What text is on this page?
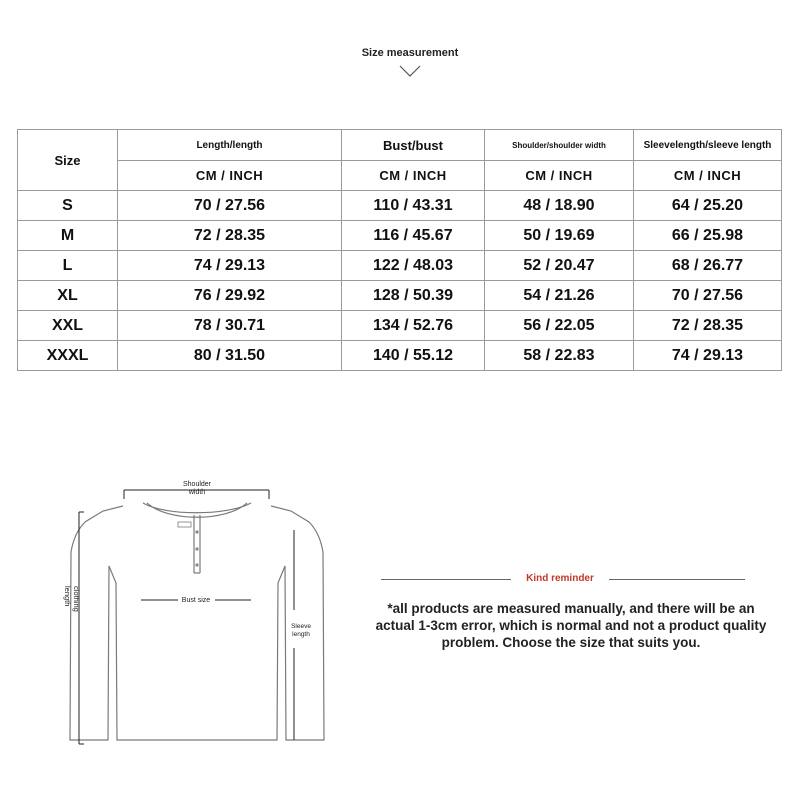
Size measurement
Size	Length/length	Bust/bust	Shoulder/shoulder width	Sleevelength/sleeve length
	CM / INCH	CM / INCH	CM / INCH	CM / INCH
S	70 / 27.56	110 / 43.31	48 / 18.90	64 / 25.20
M	72 / 28.35	116 / 45.67	50 / 19.69	66 / 25.98
L	74 / 29.13	122 / 48.03	52 / 20.47	68 / 26.77
XL	76 / 29.92	128 / 50.39	54 / 21.26	70 / 27.56
XXL	78 / 30.71	134 / 52.76	56 / 22.05	72 / 28.35
XXXL	80 / 31.50	140 / 55.12	58 / 22.83	74 / 29.13
Shoulder
width
Bust size
clothing
length
Sleeve
length
Kind reminder
*all products are measured manually, and there will be an actual 1-3cm error, which is normal and not a product quality problem. Choose the size that suits you.
